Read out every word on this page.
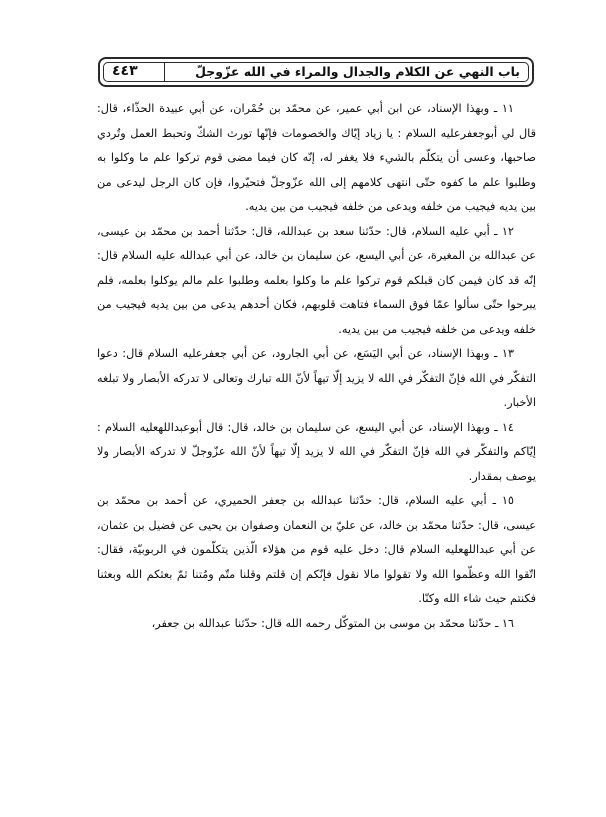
باب النهي عن الكلام والجدال والمراء في الله عزّوجلّ
٤٤٣

١١ ـ وبهذا الإسناد، عن ابن أبي عمير، عن محمّد بن حُمْران، عن أبي عبيدة الحذّاء، قال: قال لي أبوجعفرعليه السلام : يا زياد إيّاك والخصومات فإنّها تورث الشكّ وتحبط العمل وتُردي صاحبها، وعسى أن يتكلّم بالشيء فلا يغفر له، إنّه كان فيما مضى قوم تركوا علم ما وكلوا به وطلبوا علم ما كفوه حتّى انتهى كلامهم إلى الله عزّوجلّ فتحيّروا، فإن كان الرجل ليدعى من بين يديه فيجيب من خلفه ويدعى من خلفه فيجيب من بين يديه.

١٢ ـ أبي عليه السلام، قال: حدّثنا سعد بن عبدالله، قال: حدّثنا أحمد بن محمّد بن عيسى، عن عبدالله بن المغيرة، عن أبي اليسع، عن سليمان بن خالد، عن أبي عبدالله عليه السلام قال: إنّه قد كان فيمن كان قبلكم قوم تركوا علم ما وكلوا بعلمه وطلبوا علم مالم يوكلوا بعلمه، فلم يبرحوا حتّى سألوا عمّا فوق السماء فتاهت قلوبهم، فكان أحدهم يدعى من بين يديه فيجيب من خلفه ويدعى من خلفه فيجيب من بين يديه.

١٣ ـ وبهذا الإسناد، عن أبي اليَسَع، عن أبي الجارود، عن أبي جعفرعليه السلام قال: دعوا التفكّر في الله فإنّ التفكّر في الله لا يزيد إلّا تيهاً لأنّ الله تبارك وتعالى لا تدركه الأبصار ولا تبلغه الأخبار.

١٤ ـ وبهذا الإسناد، عن أبي اليسع، عن سليمان بن خالد، قال: قال أبوعبداللهعليه السلام : إيّاكم والتفكّر في الله فإنّ التفكّر في الله لا يزيد إلّا تيهاً لأنّ الله عزّوجلّ لا تدركه الأبصار ولا يوصف بمقدار.

١٥ ـ أبي عليه السلام، قال: حدّثنا عبدالله بن جعفر الحميري، عن أحمد بن محمّد بن عيسى، قال: حدّثنا محمّد بن خالد، عن عليّ بن النعمان وصفوان بن يحيى عن فضيل بن عثمان، عن أبي عبداللهعليه السلام قال: دخل عليه قوم من هؤلاء الّذين يتكلّمون في الربوبيّة، فقال: اتّقوا الله وعظّموا الله ولا تقولوا مالا نقول فإنّكم إن قلتم وقلنا متّم ومُتنا ثمّ بعثكم الله وبعثنا فكنتم حيث شاء الله وكنّا.

١٦ ـ حدّثنا محمّد بن موسى بن المتوكّل رحمه الله قال: حدّثنا عبدالله بن جعفر،
